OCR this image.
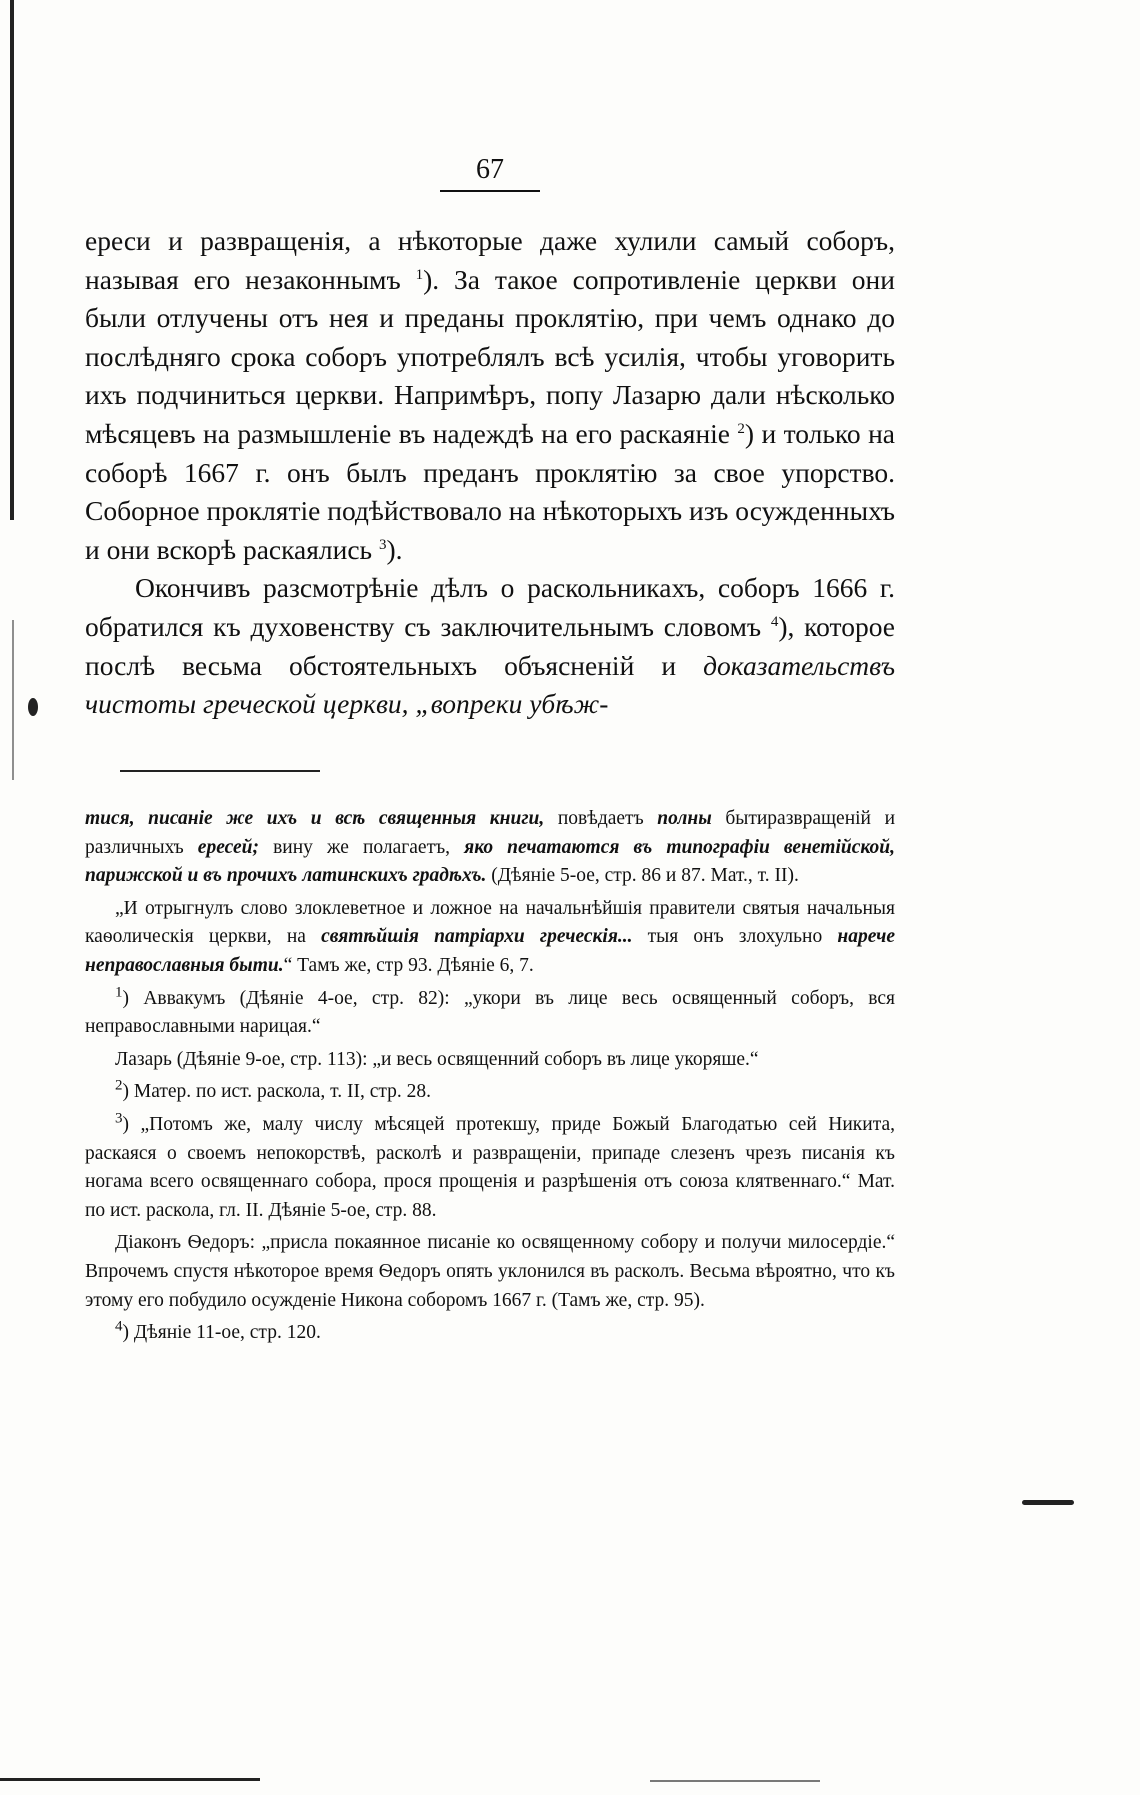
67

ереси и развращенія, а нѣкоторые даже хулили самый соборъ, называя его незаконнымъ $^1$). За такое сопротивленіе церкви они были отлучены отъ нея и преданы проклятію, при чемъ однако до послѣдняго срока соборъ употреблялъ всѣ усилія, чтобы уговорить ихъ подчиниться церкви. Напримѣръ, попу Лазарю дали нѣсколько мѣсяцевъ на размышленіе въ надеждѣ на его раскаяніе $^2$) и только на соборѣ 1667 г. онъ былъ преданъ проклятію за свое упорство. Соборное проклятіе подѣйствовало на нѣкоторыхъ изъ осужденныхъ и они вскорѣ раскаялись $^3$).

Окончивъ разсмотрѣніе дѣлъ о раскольникахъ, соборъ 1666 г. обратился къ духовенству съ заключительнымъ словомъ $^4$), которое послѣ весьма обстоятельныхъ объясненій и доказательствъ чистоты греческой церкви, „вопреки убѣж-

тися, писаніе же ихъ и всѣ священныя книги, повѣдаетъ полны бытиразвращеній и различныхъ ересей; вину же полагаетъ, яко печатаются въ типографіи венетійской, парижской и въ прочихъ латинскихъ градѣхъ. (Дѣяніе 5-ое, стр. 86 и 87. Мат., т. II).

„И отрыгнулъ слово злоклеветное и ложное на начальнѣйшія правители святыя начальныя каѳолическія церкви, на святѣйшія патріархи греческія... тыя онъ злохульно нарече неправославныя быти.“ Тамъ же, стр 93. Дѣяніе 6, 7.

$^1$) Аввакумъ (Дѣяніе 4-ое, стр. 82): „укори въ лице весь освященный соборъ, вся неправославными нарицая.“

Лазарь (Дѣяніе 9-ое, стр. 113): „и весь освященний соборъ въ лице укоряше.“

$^2$) Матер. по ист. раскола, т. II, стр. 28.

$^3$) „Потомъ же, малу числу мѣсяцей протекшу, приде Божый Благодатью сей Никита, раскаяся о своемъ непокорствѣ, расколѣ и развращеніи, припаде слезенъ чрезъ писанія къ ногама всего освященнаго собора, прося прощенія и разрѣшенія отъ союза клятвеннаго.“ Мат. по ист. раскола, гл. II. Дѣяніе 5-ое, стр. 88.

Діаконъ Ѳедоръ: „присла покаянное писаніе ко освященному собору и получи милосердіе.“ Впрочемъ спустя нѣкоторое время Ѳедоръ опять уклонился въ расколъ. Весьма вѣроятно, что къ этому его побудило осужденіе Никона соборомъ 1667 г. (Тамъ же, стр. 95).

$^4$) Дѣяніе 11-ое, стр. 120.
